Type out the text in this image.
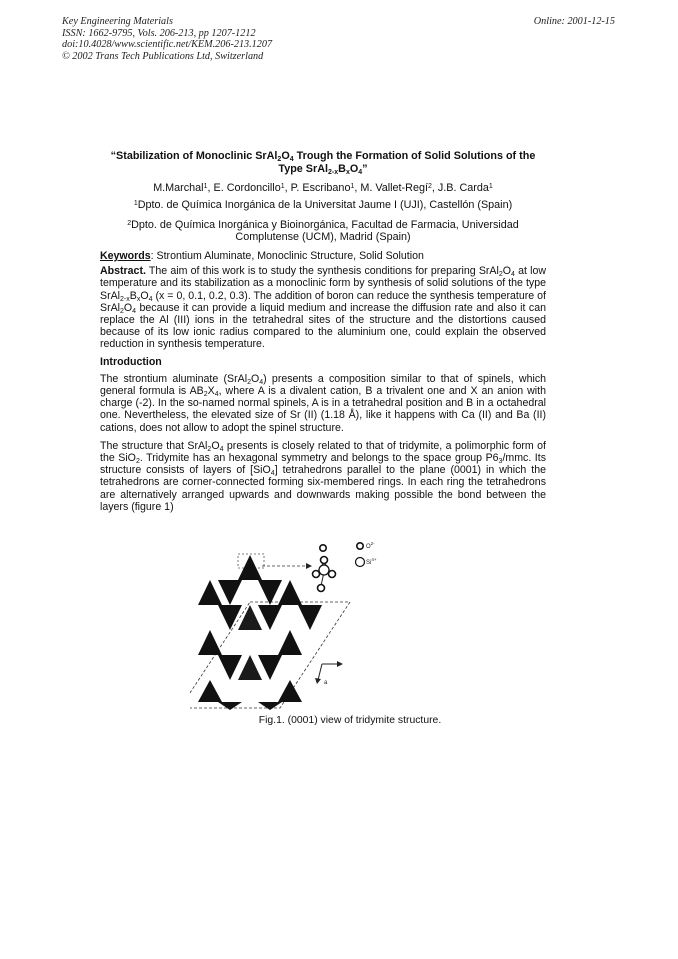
Key Engineering Materials
ISSN: 1662-9795, Vols. 206-213, pp 1207-1212
doi:10.4028/www.scientific.net/KEM.206-213.1207
© 2002 Trans Tech Publications Ltd, Switzerland
Online: 2001-12-15

“Stabilization of Monoclinic $SrAl_2O_4$ Trough the Formation of Solid Solutions of the Type $SrAl_{2-x}B_xO_4$”

M.Marchal$^1$, E. Cordoncillo$^1$, P. Escribano$^1$, M. Vallet-Regí$^2$, J.B. Carda$^1$
$^1$Dpto. de Química Inorgánica de la Universitat Jaume I (UJI), Castellón (Spain)
$^2$Dpto. de Química Inorgánica y Bioinorgánica, Facultad de Farmacia, Universidad Complutense (UCM), Madrid (Spain)
Keywords: Strontium Aluminate, Monoclinic Structure, Solid Solution
Abstract. The aim of this work is to study the synthesis conditions for preparing $SrAl_2O_4$ at low temperature and its stabilization as a monoclinic form by synthesis of solid solutions of the type $SrAl_{2-x}B_xO_4$ (x = 0, 0.1, 0.2, 0.3). The addition of boron can reduce the synthesis temperature of $SrAl_2O_4$ because it can provide a liquid medium and increase the diffusion rate and also it can replace the Al (III) ions in the tetrahedral sites of the structure and the distortions caused because of its low ionic radius compared to the aluminium one, could explain the observed reduction in synthesis temperature.
Introduction
The strontium aluminate $(SrAl_2O_4)$ presents a composition similar to that of spinels, which general formula is $AB_2X_4$, where A is a divalent cation, B a trivalent one and X an anion with charge (-2). In the so-named normal spinels, A is in a tetrahedral position and B in a octahedral one. Nevertheless, the elevated size of Sr (II) (1.18 Å), like it happens with Ca (II) and Ba (II) cations, does not allow to adopt the spinel structure.
The structure that $SrAl_2O_4$ presents is closely related to that of tridymite, a polimorphic form of the SiO$_2$. Tridymite has an hexagonal symmetry and belongs to the space group $P6_3$/mmc. Its structure consists of layers of [SiO$_4$] tetrahedrons parallel to the plane (0001) in which the tetrahedrons are corner-connected forming six-membered rings. In each ring the tetrahedrons are alternatively arranged upwards and downwards making possible the bond between the layers (figure 1)
$O^{2-}$
$Si^{4+}$
a
Fig.1. (0001) view of tridymite structure.
